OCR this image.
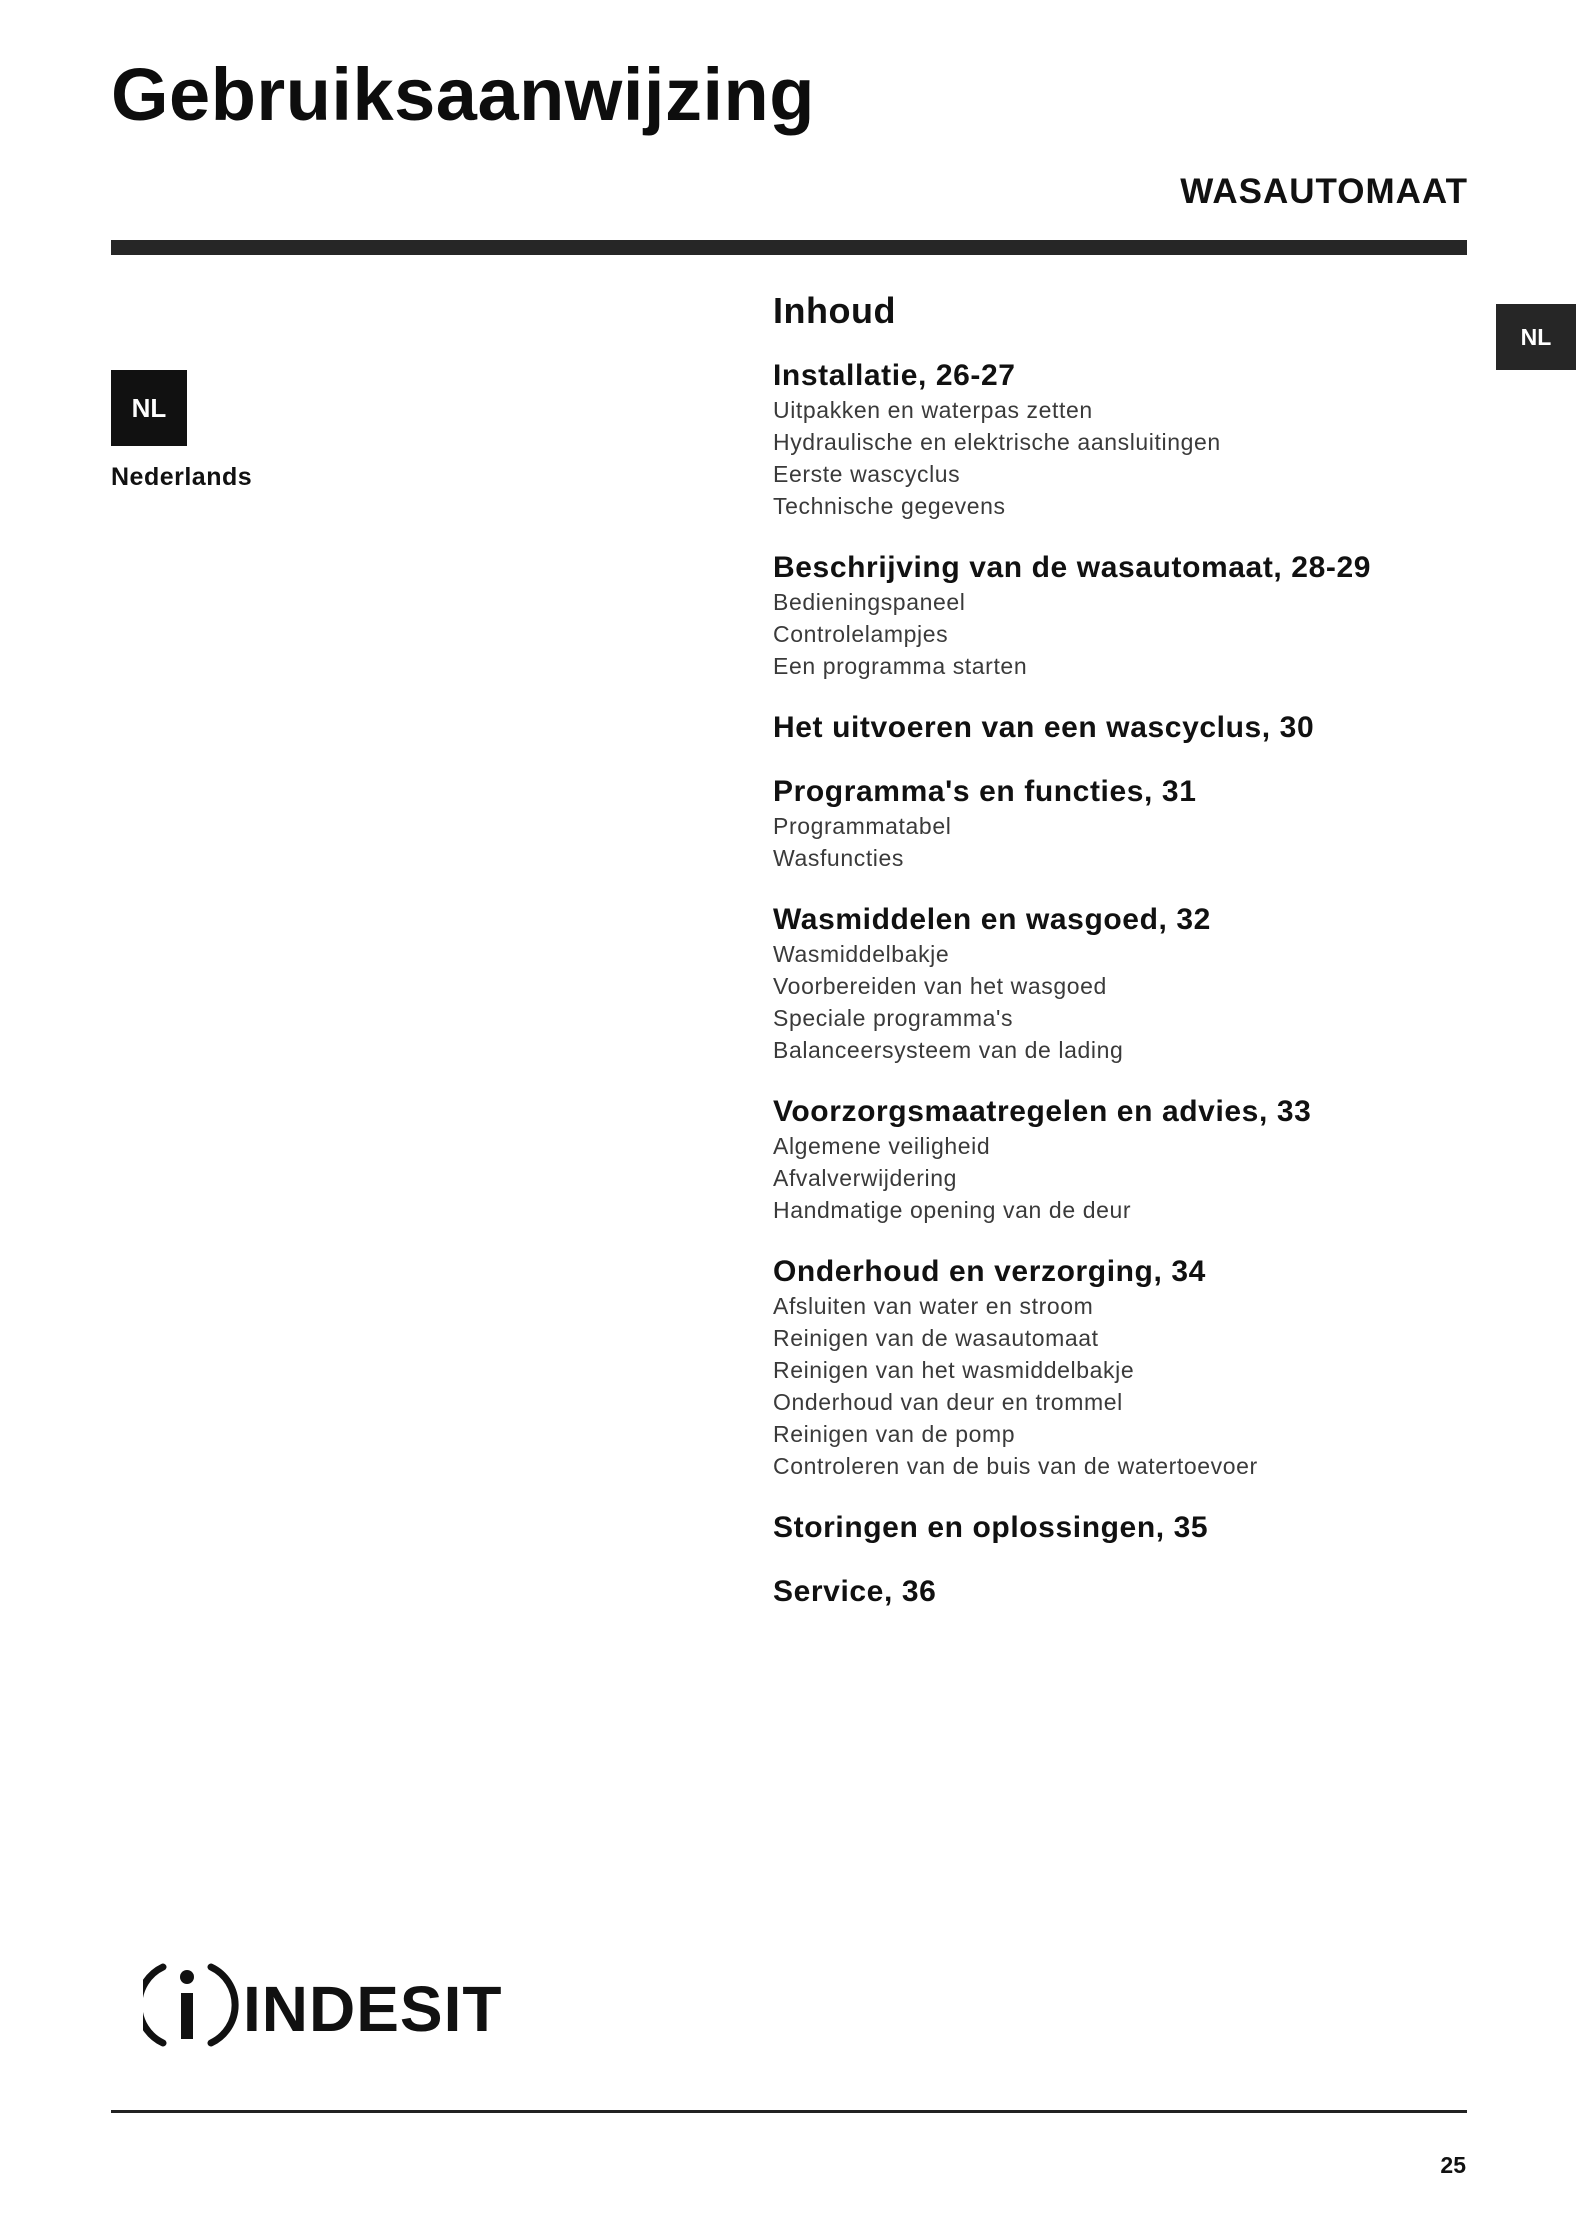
Gebruiksaanwijzing
WASAUTOMAAT
NL
NL
Nederlands
Inhoud
Installatie, 26-27
Uitpakken en waterpas zetten
Hydraulische en elektrische aansluitingen
Eerste wascyclus
Technische gegevens
Beschrijving van de wasautomaat, 28-29
Bedieningspaneel
Controlelampjes
Een programma starten
Het uitvoeren van een wascyclus, 30
Programma's en functies, 31
Programmatabel
Wasfuncties
Wasmiddelen en wasgoed, 32
Wasmiddelbakje
Voorbereiden van het wasgoed
Speciale programma's
Balanceersysteem van de lading
Voorzorgsmaatregelen en advies, 33
Algemene veiligheid
Afvalverwijdering
Handmatige opening van de deur
Onderhoud en verzorging, 34
Afsluiten van water en stroom
Reinigen van de wasautomaat
Reinigen van het wasmiddelbakje
Onderhoud van deur en trommel
Reinigen van de pomp
Controleren van de buis van de watertoevoer
Storingen en oplossingen, 35
Service, 36
INDESIT
25
